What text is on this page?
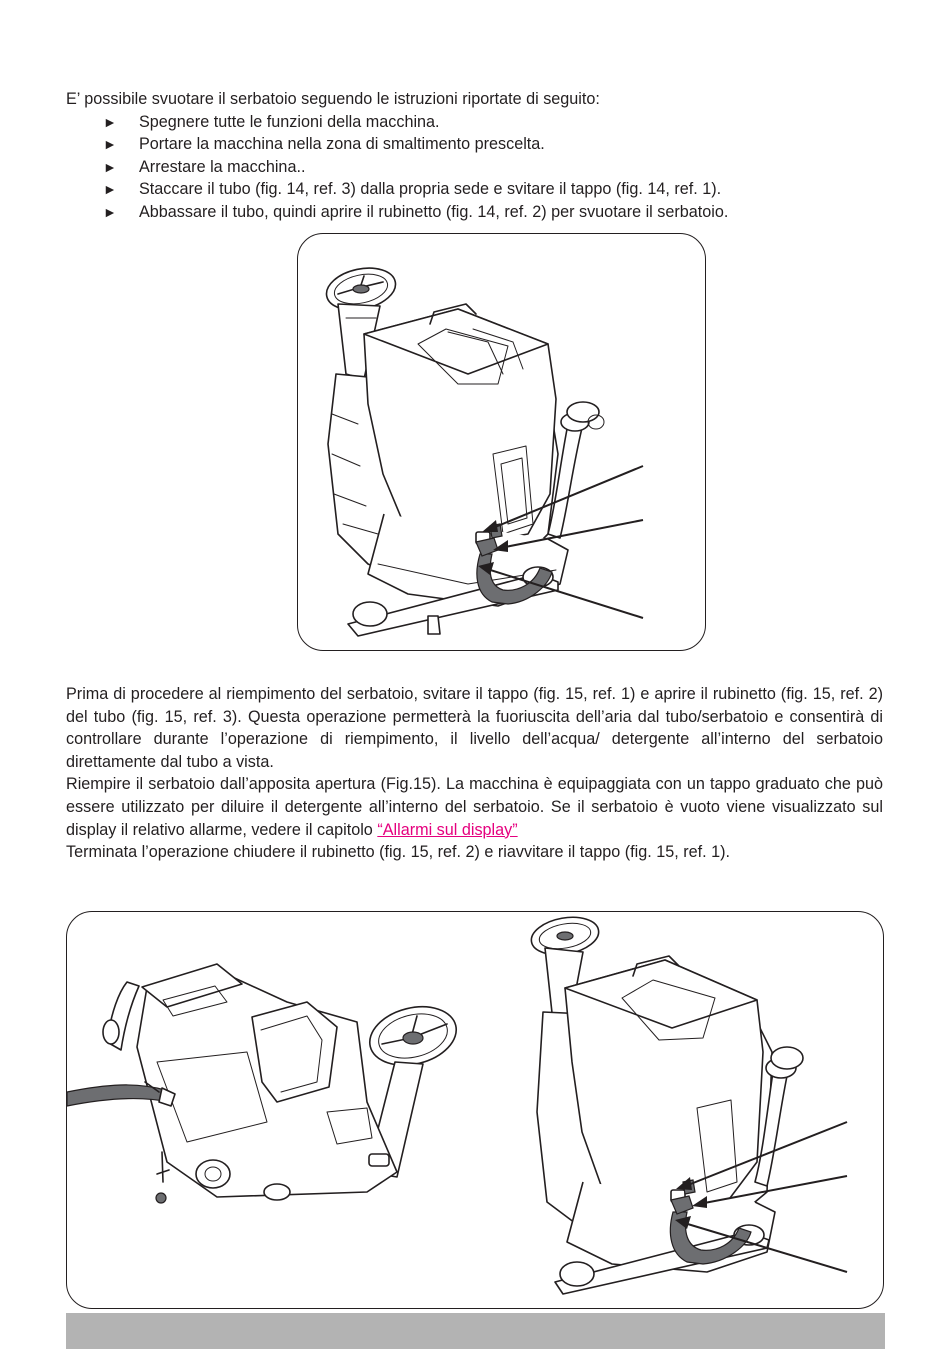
E’ possibile svuotare il serbatoio seguendo le istruzioni riportate di seguito:
► Spegnere tutte le funzioni della macchina.
► Portare la macchina nella zona di smaltimento prescelta.
► Arrestare la macchina..
► Staccare il tubo (fig. 14, ref. 3) dalla propria sede e svitare il tappo (fig. 14, ref. 1).
► Abbassare il tubo, quindi aprire il rubinetto (fig. 14, ref. 2) per svuotare il serbatoio.

Prima di procedere al riempimento del serbatoio, svitare il tappo (fig. 15, ref. 1) e aprire il rubinetto (fig. 15, ref. 2) del tubo (fig. 15, ref. 3). Questa operazione permetterà la fuoriuscita dell’aria dal tubo/serbatoio e consentirà di controllare durante l’operazione di riempimento, il livello dell’acqua/ detergente all’interno del serbatoio direttamente dal tubo a vista.

Riempire il serbatoio dall’apposita apertura (Fig.15). La macchina è equipaggiata con un tappo graduato che può essere utilizzato per diluire il detergente all’interno del serbatoio. Se il serbatoio è vuoto viene visualizzato sul display il relativo allarme, vedere il capitolo “Allarmi sul display”

Terminata l’operazione chiudere il rubinetto (fig. 15, ref. 2) e riavvitare il tappo (fig. 15, ref. 1).
